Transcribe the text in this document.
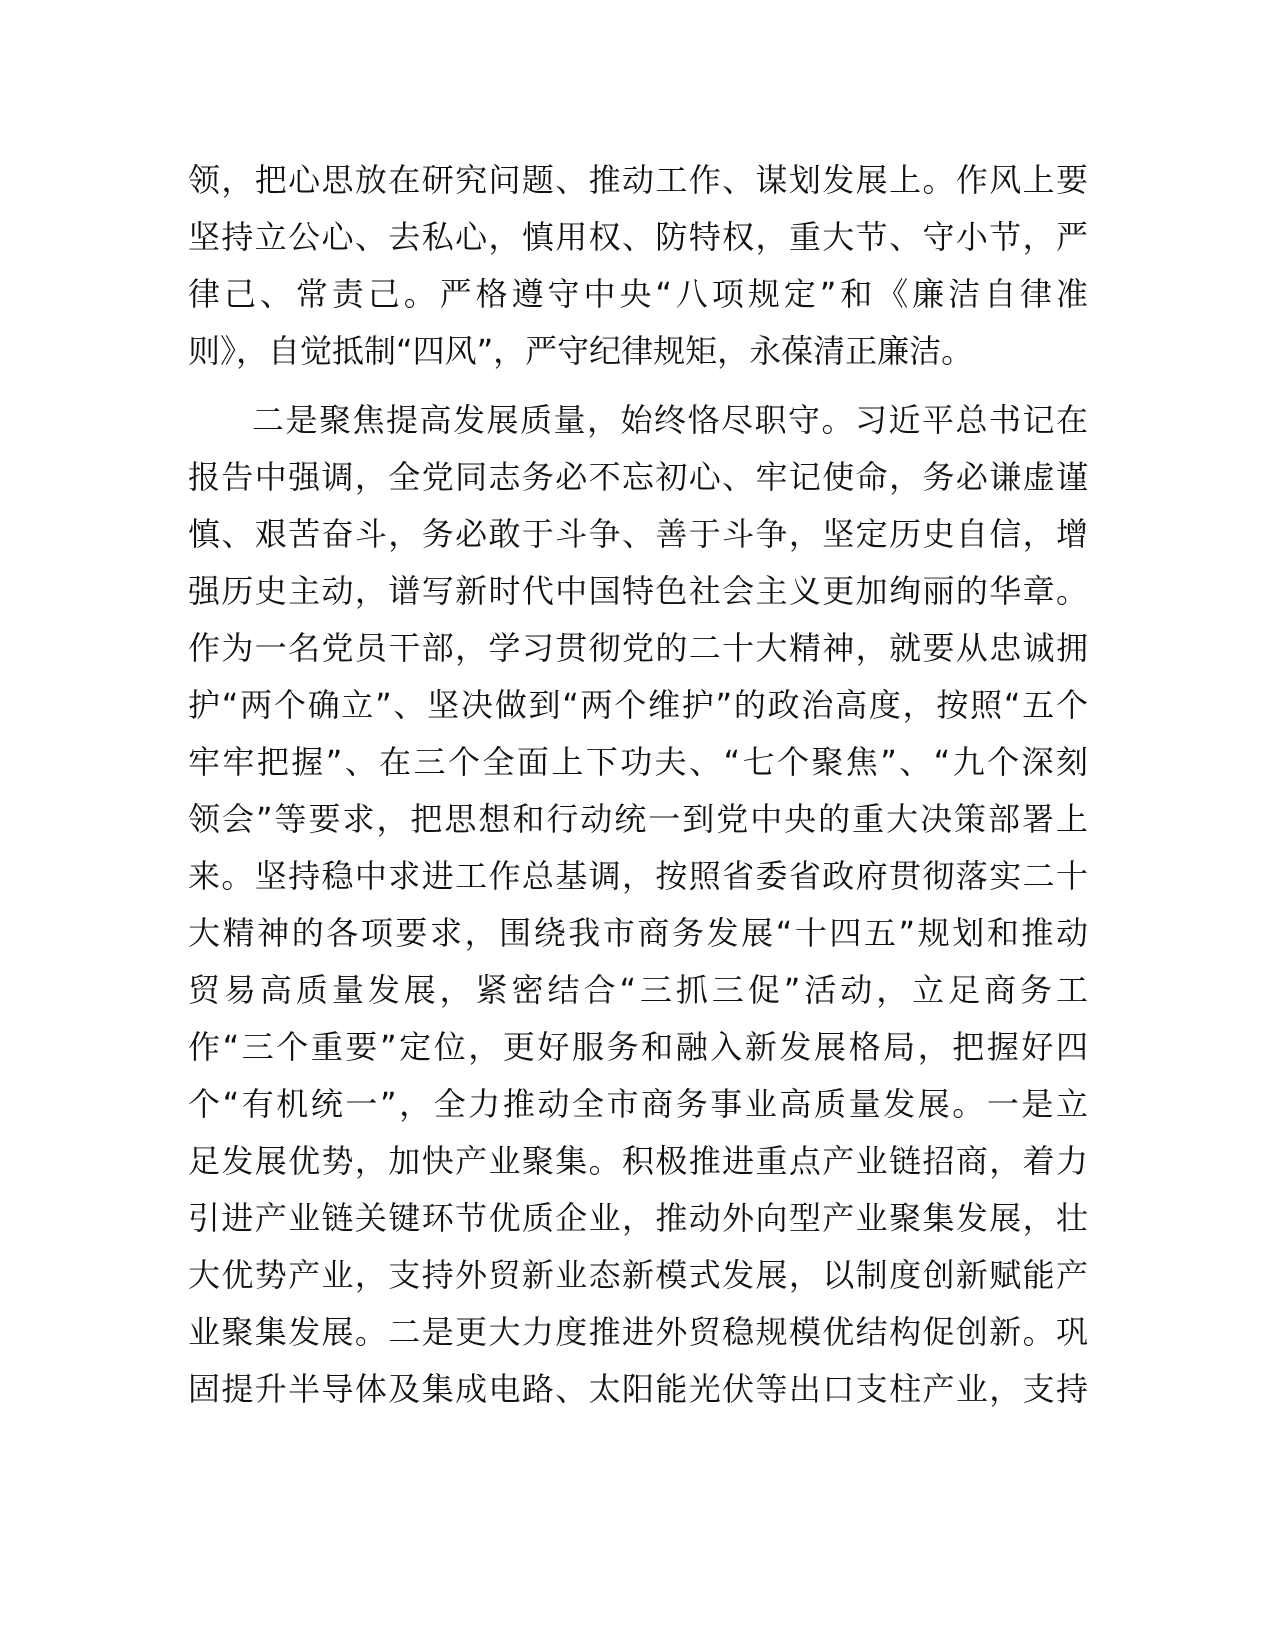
领，把心思放在研究问题、推动工作、谋划发展上。作风上要
坚持立公心、去私心，慎用权、防特权，重大节、守小节，严
律己、常责己。严格遵守中央“八项规定”和《廉洁自律准
则》，自觉抵制“四风”，严守纪律规矩，永葆清正廉洁。
二是聚焦提高发展质量，始终恪尽职守。习近平总书记在
报告中强调，全党同志务必不忘初心、牢记使命，务必谦虚谨
慎、艰苦奋斗，务必敢于斗争、善于斗争，坚定历史自信，增
强历史主动，谱写新时代中国特色社会主义更加绚丽的华章。
作为一名党员干部，学习贯彻党的二十大精神，就要从忠诚拥
护“两个确立”、坚决做到“两个维护”的政治高度，按照“五个
牢牢把握”、在三个全面上下功夫、“七个聚焦”、“九个深刻
领会”等要求，把思想和行动统一到党中央的重大决策部署上
来。坚持稳中求进工作总基调，按照省委省政府贯彻落实二十
大精神的各项要求，围绕我市商务发展“十四五”规划和推动
贸易高质量发展，紧密结合“三抓三促”活动，立足商务工
作“三个重要”定位，更好服务和融入新发展格局，把握好四
个“有机统一”，全力推动全市商务事业高质量发展。一是立
足发展优势，加快产业聚集。积极推进重点产业链招商，着力
引进产业链关键环节优质企业，推动外向型产业聚集发展，壮
大优势产业，支持外贸新业态新模式发展，以制度创新赋能产
业聚集发展。二是更大力度推进外贸稳规模优结构促创新。巩
固提升半导体及集成电路、太阳能光伏等出口支柱产业，支持
